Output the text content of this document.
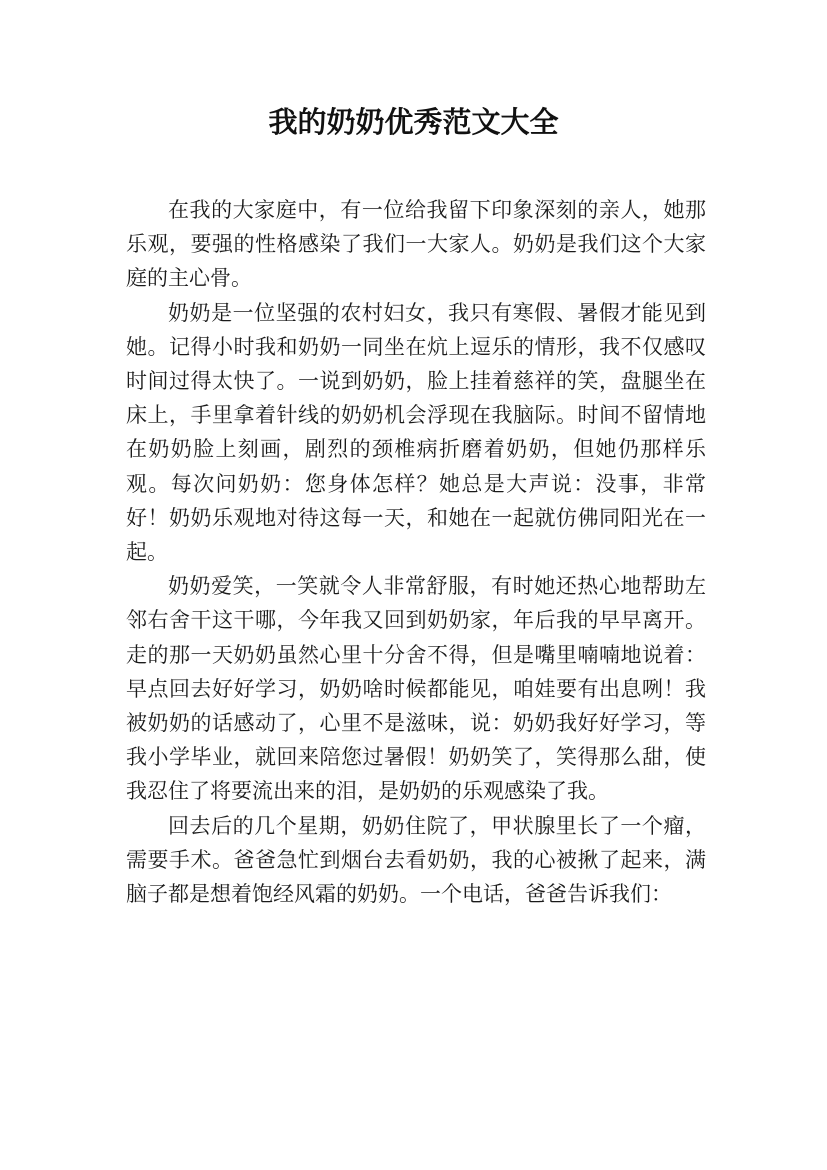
我的奶奶优秀范文大全

在我的大家庭中，有一位给我留下印象深刻的亲人，她那乐观，要强的性格感染了我们一大家人。奶奶是我们这个大家庭的主心骨。

奶奶是一位坚强的农村妇女，我只有寒假、暑假才能见到她。记得小时我和奶奶一同坐在炕上逗乐的情形，我不仅感叹时间过得太快了。一说到奶奶，脸上挂着慈祥的笑，盘腿坐在床上，手里拿着针线的奶奶机会浮现在我脑际。时间不留情地在奶奶脸上刻画，剧烈的颈椎病折磨着奶奶，但她仍那样乐观。每次问奶奶：您身体怎样？她总是大声说：没事，非常好！奶奶乐观地对待这每一天，和她在一起就仿佛同阳光在一起。

奶奶爱笑，一笑就令人非常舒服，有时她还热心地帮助左邻右舍干这干哪，今年我又回到奶奶家，年后我的早早离开。走的那一天奶奶虽然心里十分舍不得，但是嘴里喃喃地说着：早点回去好好学习，奶奶啥时候都能见，咱娃要有出息咧！我被奶奶的话感动了，心里不是滋味，说：奶奶我好好学习，等我小学毕业，就回来陪您过暑假！奶奶笑了，笑得那么甜，使我忍住了将要流出来的泪，是奶奶的乐观感染了我。

回去后的几个星期，奶奶住院了，甲状腺里长了一个瘤，需要手术。爸爸急忙到烟台去看奶奶，我的心被揪了起来，满脑子都是想着饱经风霜的奶奶。一个电话，爸爸告诉我们：
